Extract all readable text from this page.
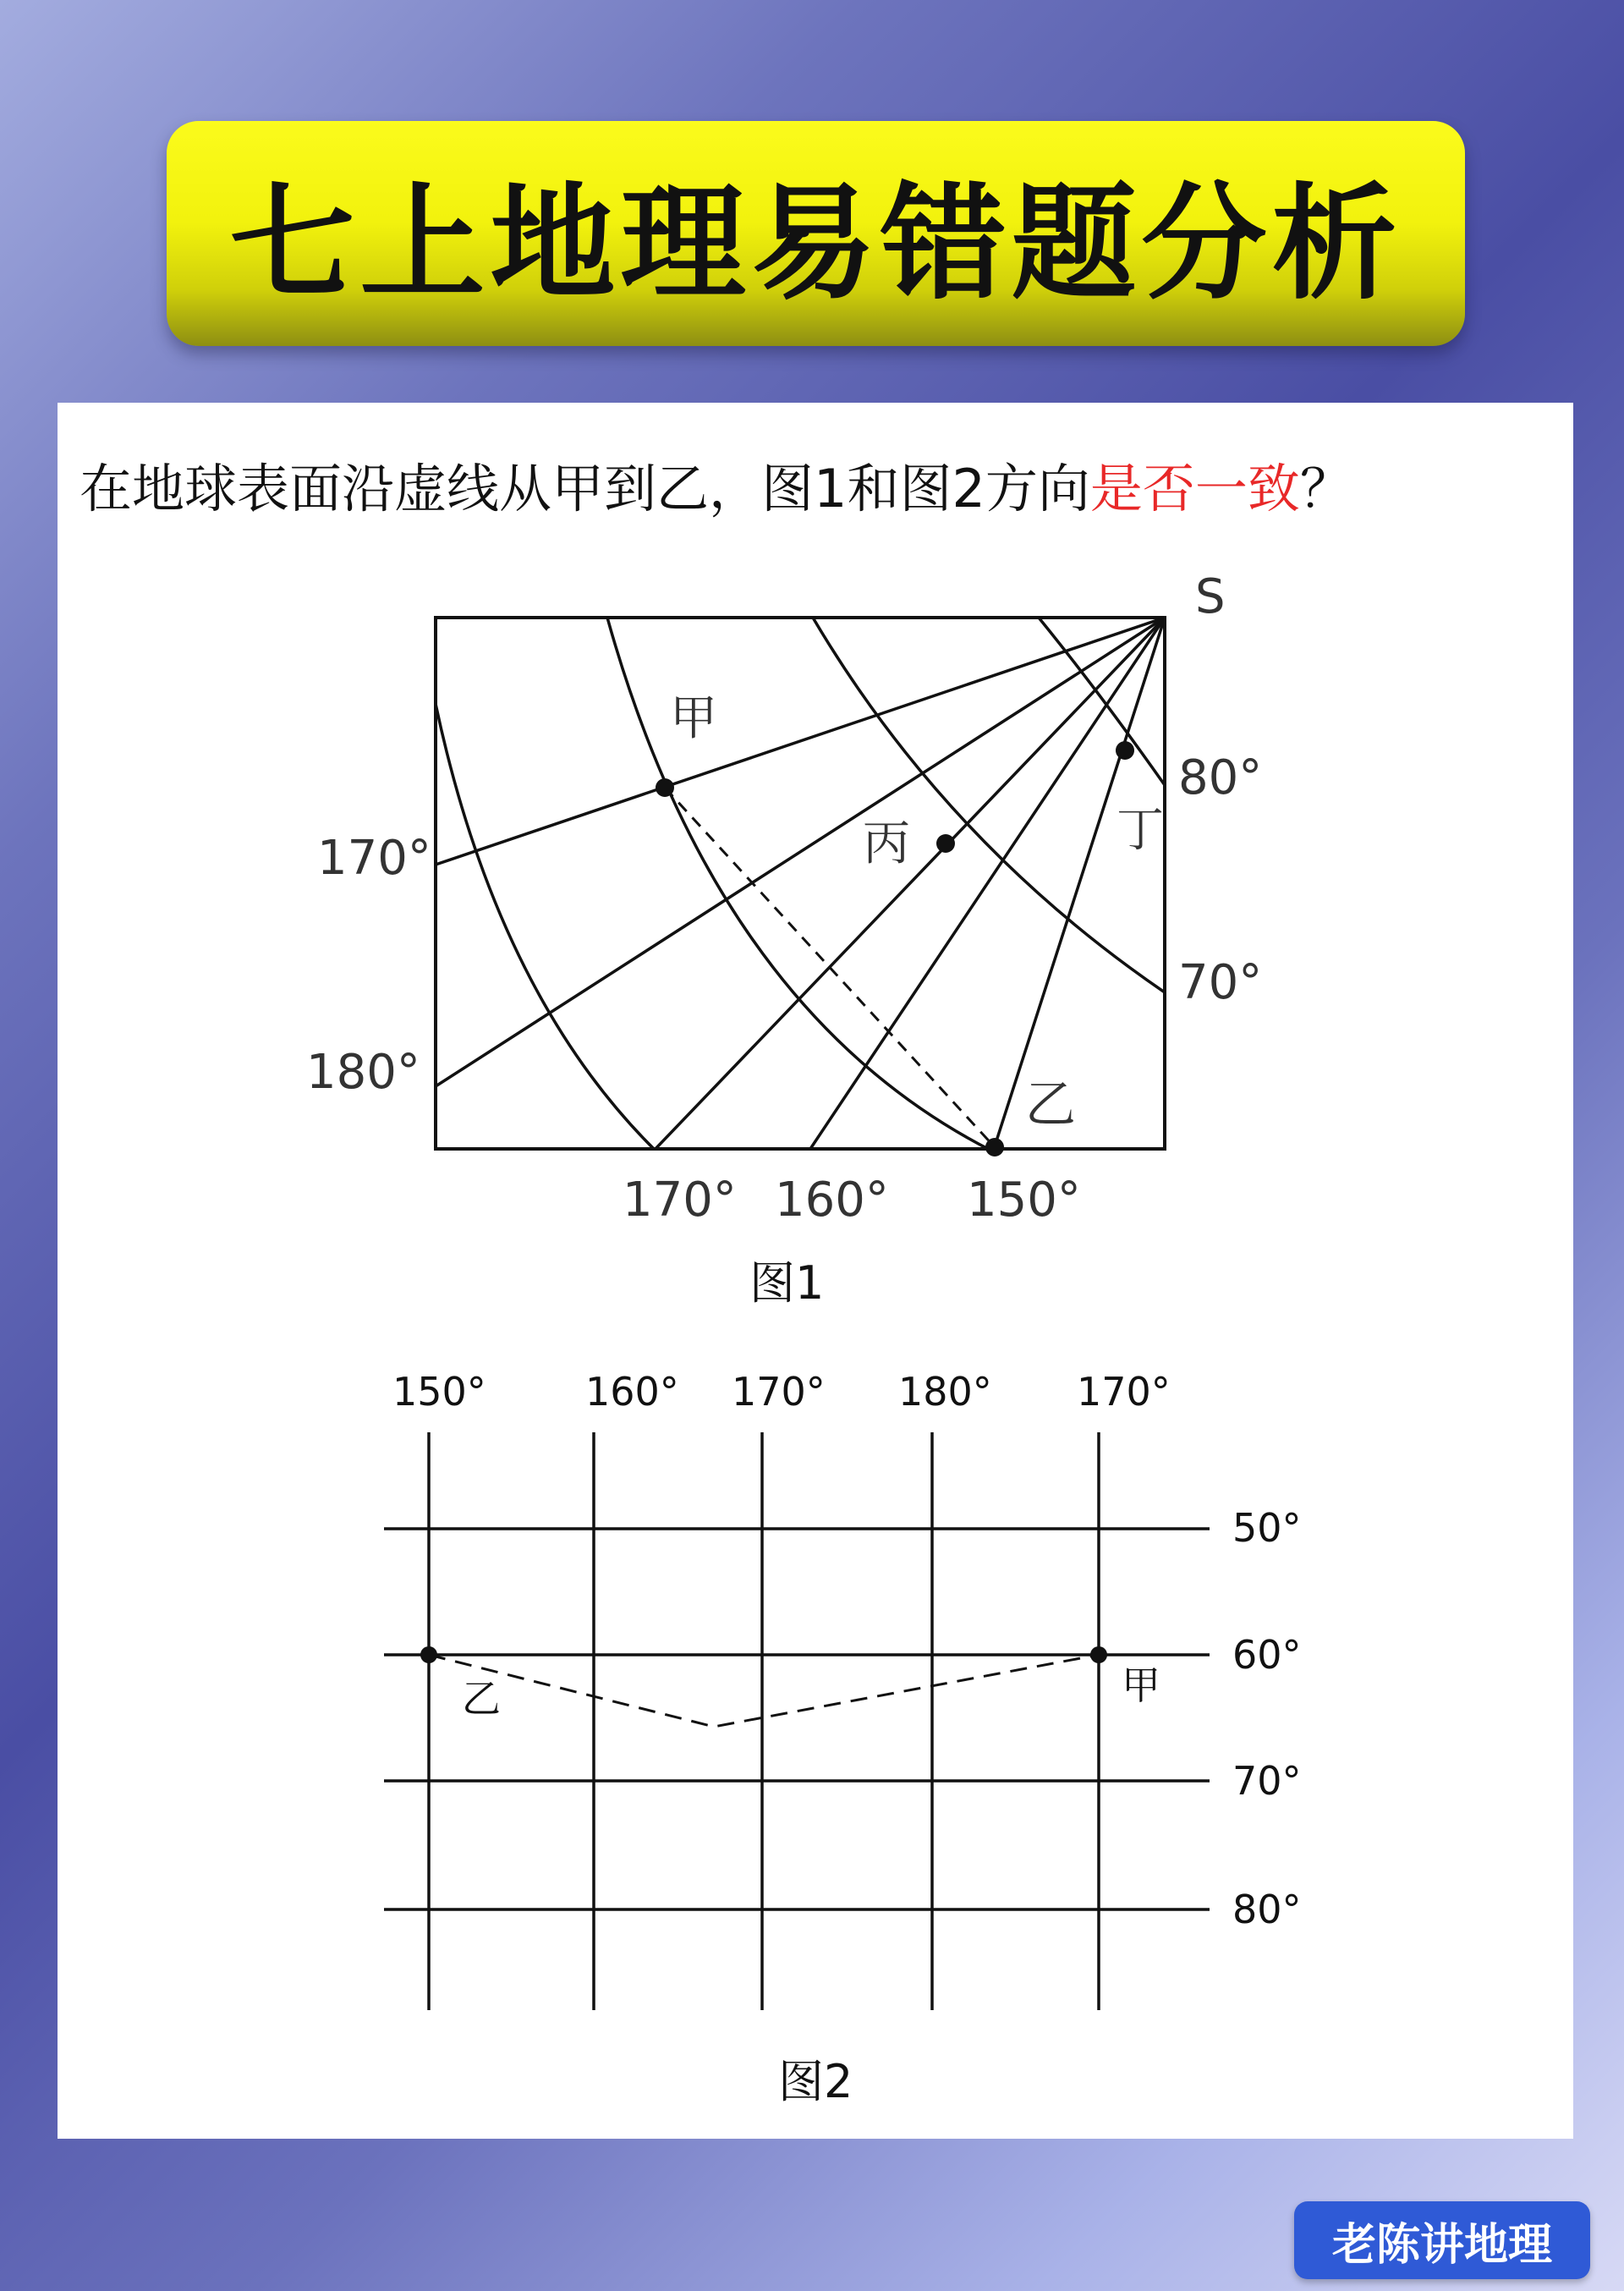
七上地理易错题分析
在地球表面沿虚线从甲到乙，图1和图2方向是否一致？
S
80°
70°
170°
180°
170° 160° 150°
甲
丙	丁
乙
图1
150°	160° 170° 180° 170°
50°
60°
70°
80°
乙	甲
图2
老陈讲地理
